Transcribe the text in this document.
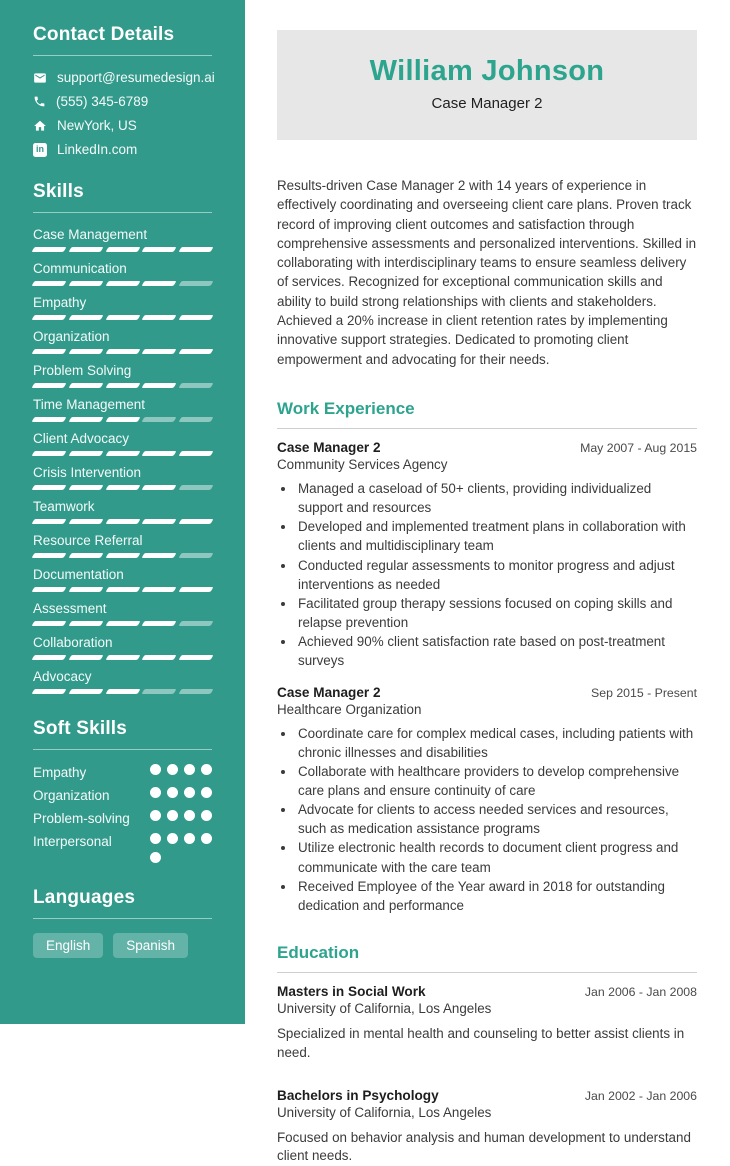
Contact Details
support@resumedesign.ai
(555) 345-6789
NewYork, US
in LinkedIn.com
Skills
Case Management
Communication
Empathy
Organization
Problem Solving
Time Management
Client Advocacy
Crisis Intervention
Teamwork
Resource Referral
Documentation
Assessment
Collaboration
Advocacy
Soft Skills
Empathy
Organization
Problem-solving
Interpersonal
Languages
English	Spanish
William Johnson
Case Manager 2

Results-driven Case Manager 2 with 14 years of experience in effectively coordinating and overseeing client care plans. Proven track record of improving client outcomes and satisfaction through comprehensive assessments and personalized interventions. Skilled in collaborating with interdisciplinary teams to ensure seamless delivery of services. Recognized for exceptional communication skills and ability to build strong relationships with clients and stakeholders. Achieved a 20% increase in client retention rates by implementing innovative support strategies. Dedicated to promoting client empowerment and advocating for their needs.

Work Experience
Case Manager 2	May 2007 - Aug 2015
Community Services Agency
• Managed a caseload of 50+ clients, providing individualized support and resources
• Developed and implemented treatment plans in collaboration with clients and multidisciplinary team
• Conducted regular assessments to monitor progress and adjust interventions as needed
• Facilitated group therapy sessions focused on coping skills and relapse prevention
• Achieved 90% client satisfaction rate based on post-treatment surveys
Case Manager 2	Sep 2015 - Present
Healthcare Organization
• Coordinate care for complex medical cases, including patients with chronic illnesses and disabilities
• Collaborate with healthcare providers to develop comprehensive care plans and ensure continuity of care
• Advocate for clients to access needed services and resources, such as medication assistance programs
• Utilize electronic health records to document client progress and communicate with the care team
• Received Employee of the Year award in 2018 for outstanding dedication and performance
Education
Masters in Social Work	Jan 2006 - Jan 2008
University of California, Los Angeles
Specialized in mental health and counseling to better assist clients in need.
Bachelors in Psychology	Jan 2002 - Jan 2006
University of California, Los Angeles
Focused on behavior analysis and human development to understand client needs.
